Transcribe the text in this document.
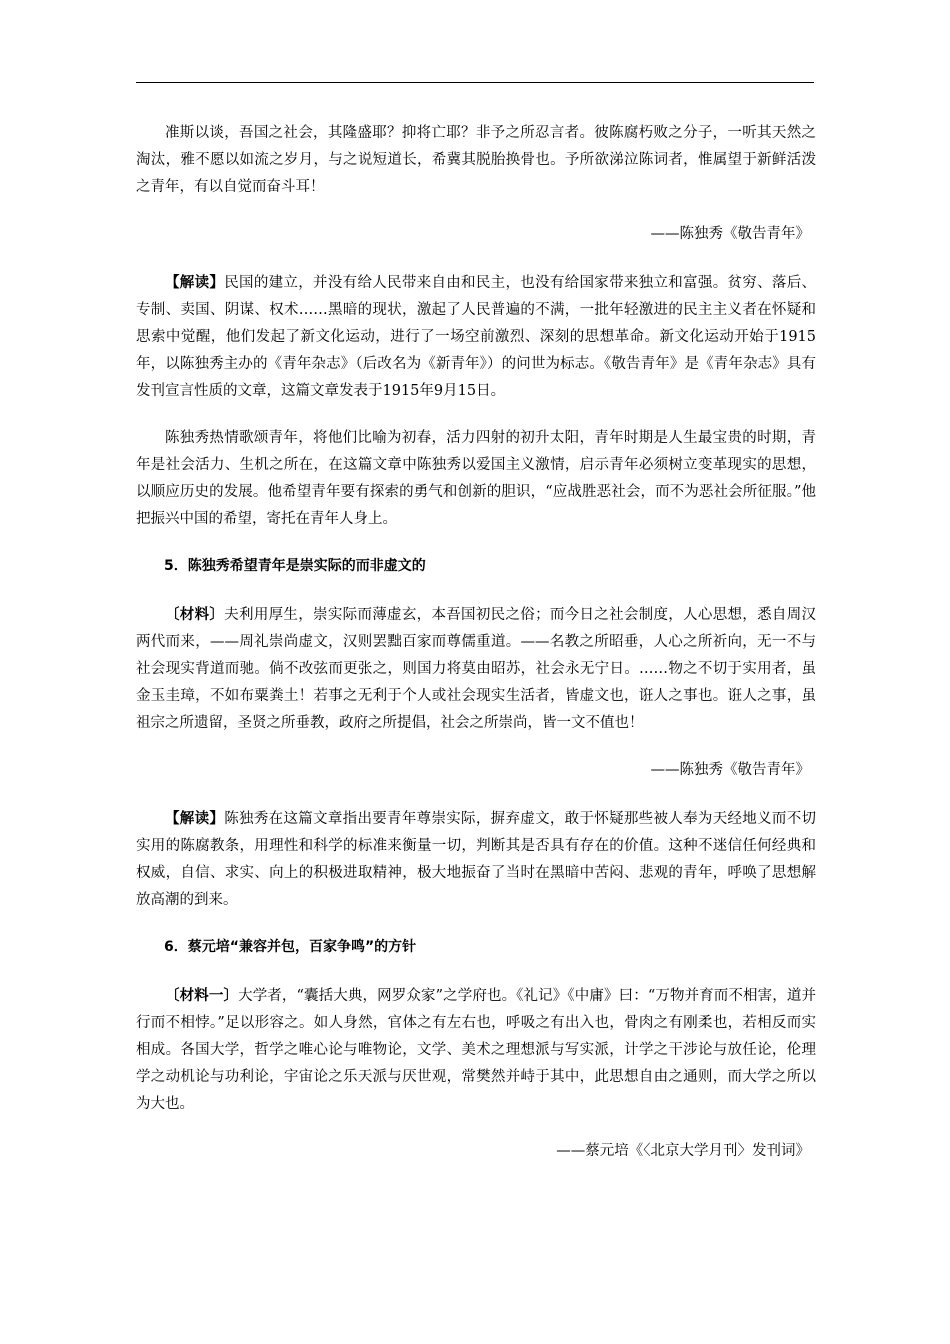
准斯以谈，吾国之社会，其隆盛耶？抑将亡耶？非予之所忍言者。彼陈腐朽败之分子，一听其天然之淘汰，雅不愿以如流之岁月，与之说短道长，希冀其脱胎换骨也。予所欲涕泣陈词者，惟属望于新鲜活泼之青年，有以自觉而奋斗耳！

——陈独秀《敬告青年》

【解读】民国的建立，并没有给人民带来自由和民主，也没有给国家带来独立和富强。贫穷、落后、专制、卖国、阴谋、权术……黑暗的现状，激起了人民普遍的不满，一批年轻激进的民主主义者在怀疑和思索中觉醒，他们发起了新文化运动，进行了一场空前激烈、深刻的思想革命。新文化运动开始于1915年，以陈独秀主办的《青年杂志》（后改名为《新青年》）的问世为标志。《敬告青年》是《青年杂志》具有发刊宣言性质的文章，这篇文章发表于1915年9月15日。

陈独秀热情歌颂青年，将他们比喻为初春，活力四射的初升太阳，青年时期是人生最宝贵的时期，青年是社会活力、生机之所在，在这篇文章中陈独秀以爱国主义激情，启示青年必须树立变革现实的思想，以顺应历史的发展。他希望青年要有探索的勇气和创新的胆识，“应战胜恶社会，而不为恶社会所征服。”他把振兴中国的希望，寄托在青年人身上。

5．陈独秀希望青年是崇实际的而非虚文的

〔材料〕夫利用厚生，崇实际而薄虚玄，本吾国初民之俗；而今日之社会制度，人心思想，悉自周汉两代而来，——周礼崇尚虚文，汉则罢黜百家而尊儒重道。——名教之所昭垂，人心之所祈向，无一不与社会现实背道而驰。倘不改弦而更张之，则国力将莫由昭苏，社会永无宁日。……物之不切于实用者，虽金玉圭璋，不如布粟粪土！若事之无利于个人或社会现实生活者，皆虚文也，诳人之事也。诳人之事，虽祖宗之所遗留，圣贤之所垂教，政府之所提倡，社会之所崇尚，皆一文不值也！

——陈独秀《敬告青年》

【解读】陈独秀在这篇文章指出要青年尊崇实际，摒弃虚文，敢于怀疑那些被人奉为天经地义而不切实用的陈腐教条，用理性和科学的标准来衡量一切，判断其是否具有存在的价值。这种不迷信任何经典和权威，自信、求实、向上的积极进取精神，极大地振奋了当时在黑暗中苦闷、悲观的青年，呼唤了思想解放高潮的到来。

6．蔡元培“兼容并包，百家争鸣”的方针

〔材料一〕大学者，“囊括大典，网罗众家”之学府也。《礼记》《中庸》曰：“万物并育而不相害，道并行而不相悖。”足以形容之。如人身然，官体之有左右也，呼吸之有出入也，骨肉之有刚柔也，若相反而实相成。各国大学，哲学之唯心论与唯物论，文学、美术之理想派与写实派，计学之干涉论与放任论，伦理学之动机论与功利论，宇宙论之乐天派与厌世观，常樊然并峙于其中，此思想自由之通则，而大学之所以为大也。

——蔡元培《〈北京大学月刊〉发刊词》
